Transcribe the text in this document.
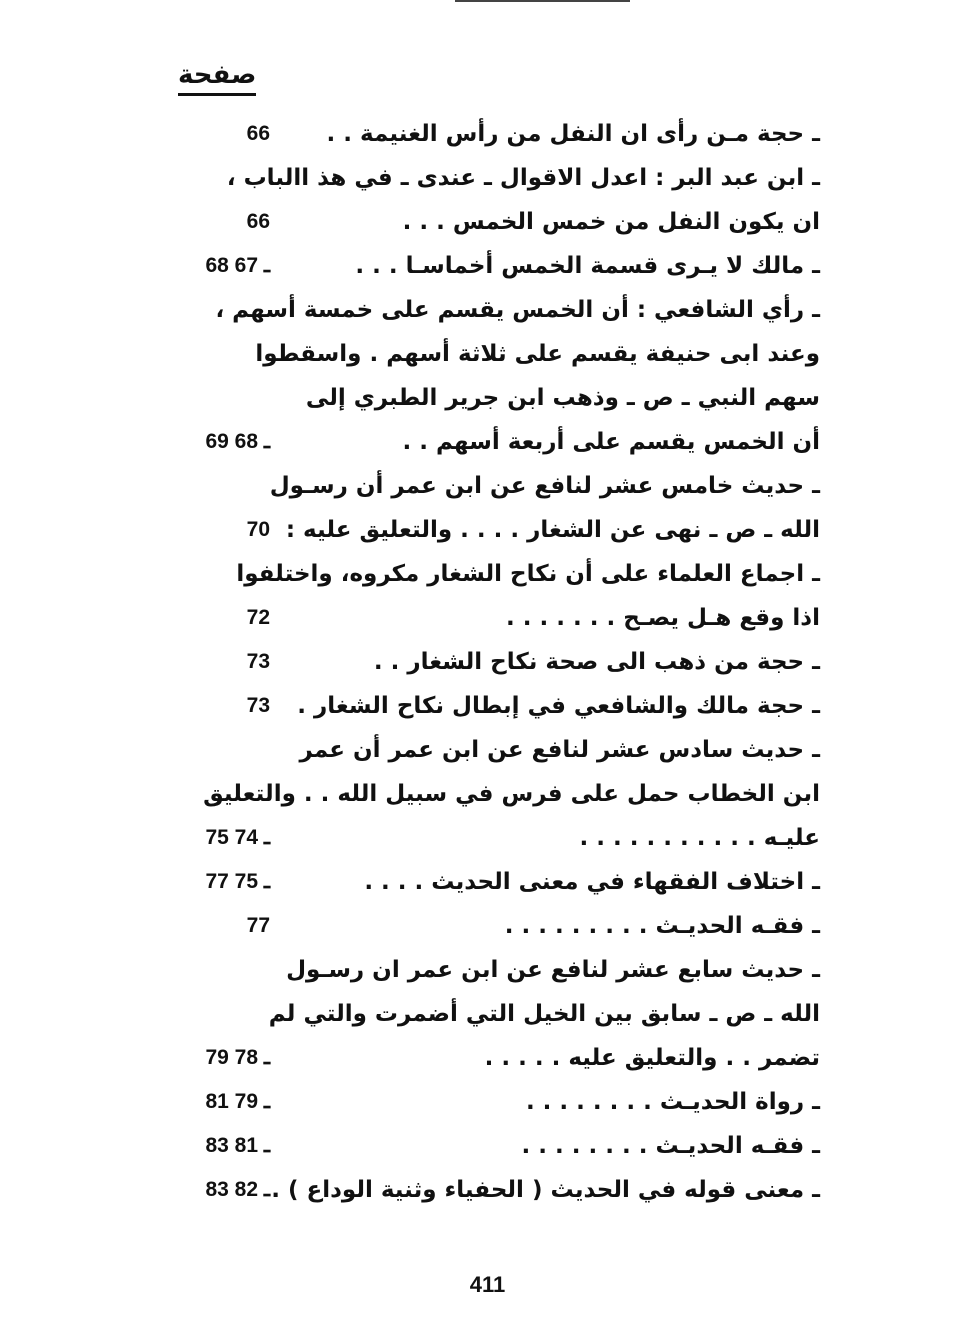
صفحة
ـ حجة مـن رأى ان النفل من رأس الغنيمة . .
66
ـ ابن عبد البر : اعدل الاقوال ـ عندى ـ في هذ االباب ،
ان يكون النفل من خمس الخمس . . .
66
ـ مالك لا يـرى قسمة الخمس أخماسـا . . .
68 ـ 67
ـ رأي الشافعي : أن الخمس يقسم على خمسة أسهم ،
وعند ابى حنيفة يقسم على ثلاثة أسهم . واسقطوا
سهم النبي ـ ص ـ وذهب ابن جرير الطبري إلى
أن الخمس يقسم على أربعة أسهم . .
69 ـ 68
ـ حديث خامس عشر لنافع عن ابن عمر أن رسـول
الله ـ ص ـ نهى عن الشغار . . . . والتعليق عليه :
70
ـ اجماع العلماء على أن نكاح الشغار مكروه، واختلفوا
اذا وقع هـل يصـح . . . . . . .
72
ـ حجة من ذهب الى صحة نكاح الشغار . .
73
ـ حجة مالك والشافعي في إبطال نكاح الشغار .
73
ـ حديث سادس عشر لنافع عن ابن عمر أن عمر
ابن الخطاب حمل على فرس في سبيل الله . . والتعليق
عليـه . . . . . . . . . . .
75 ـ 74
ـ اختلاف الفقهاء في معنى الحديث . . . .
77 ـ 75
ـ فقـه الحديـث . . . . . . . . .
77
ـ حديث سابع عشر لنافع عن ابن عمر ان رسـول
الله ـ ص ـ سابق بين الخيل التي أضمرت والتي لم
تضمر . . والتعليق عليه . . . . .
79 ـ 78
ـ رواة الحديـث . . . . . . . .
81 ـ 79
ـ فقـه الحديـث . . . . . . . .
83 ـ 81
ـ معنى قوله في الحديث ( الحفياء وثنية الوداع ) .
83 ـ 82
411
